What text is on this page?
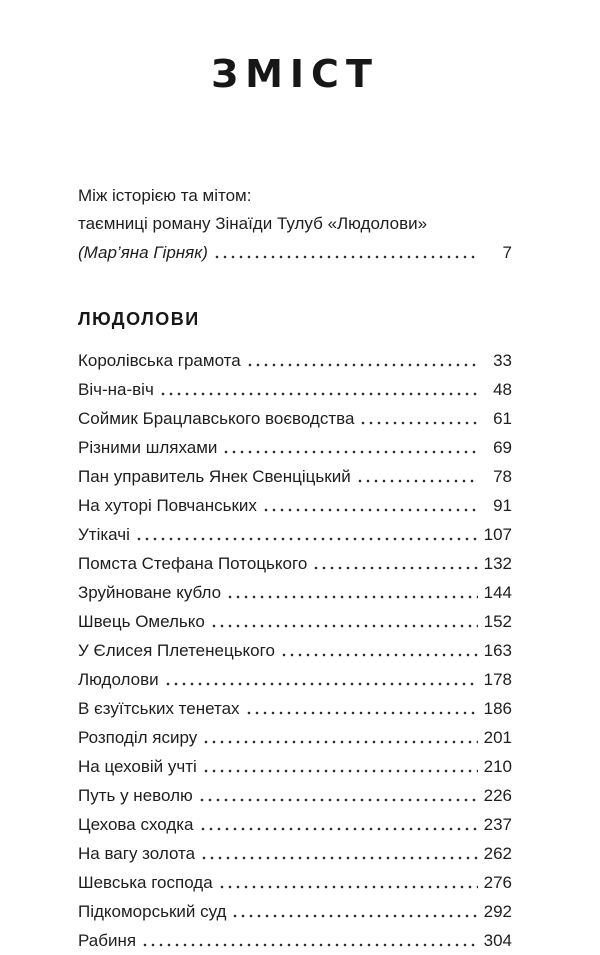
ЗМІСТ
Між історією та мітом:
таємниці роману Зінаїди Тулуб «Людолови»
(Мар’яна Гірняк)	7
ЛЮДОЛОВИ
Королівська грамота	33
Віч-на-віч	48
Соймик Брацлавського воєводства	61
Різними шляхами	69
Пан управитель Янек Свенціцький	78
На хуторі Повчанських	91
Утікачі	107
Помста Стефана Потоцького	132
Зруйноване кубло	144
Швець Омелько	152
У Єлисея Плетенецького	163
Людолови	178
В єзуїтських тенетах	186
Розподіл ясиру	201
На цеховій учті	210
Путь у неволю	226
Цехова сходка	237
На вагу золота	262
Шевська господа	276
Підкоморський суд	292
Рабиня	304
